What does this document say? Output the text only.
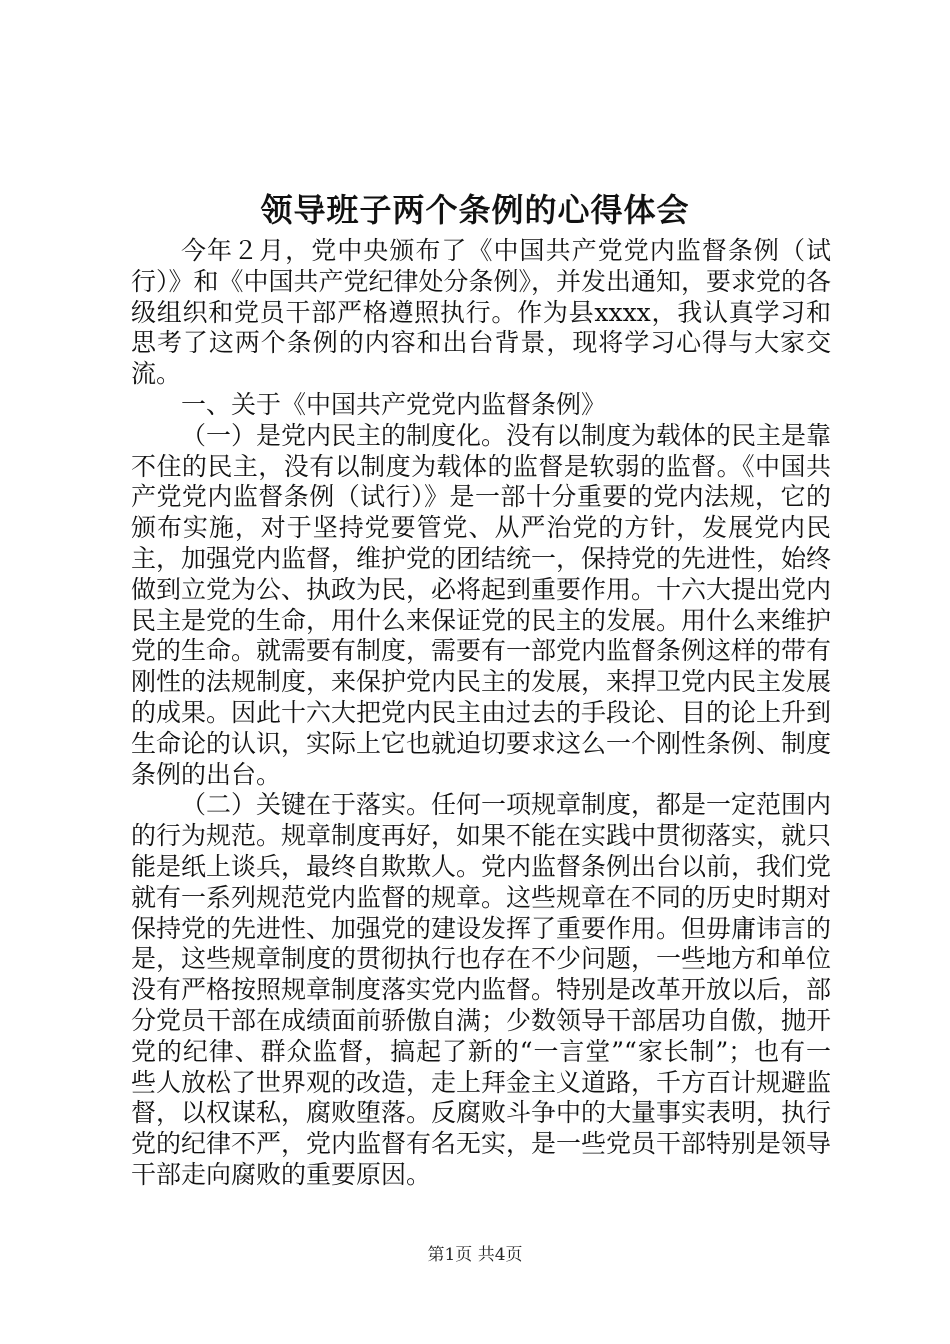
领导班子两个条例的心得体会

今年２月，党中央颁布了《中国共产党党内监督条例（试行）》和《中国共产党纪律处分条例》，并发出通知，要求党的各级组织和党员干部严格遵照执行。作为县xxxx，我认真学习和思考了这两个条例的内容和出台背景，现将学习心得与大家交流。

一、关于《中国共产党党内监督条例》

（一）是党内民主的制度化。没有以制度为载体的民主是靠不住的民主，没有以制度为载体的监督是软弱的监督。《中国共产党党内监督条例（试行）》是一部十分重要的党内法规，它的颁布实施，对于坚持党要管党、从严治党的方针，发展党内民主，加强党内监督，维护党的团结统一，保持党的先进性，始终做到立党为公、执政为民，必将起到重要作用。十六大提出党内民主是党的生命，用什么来保证党的民主的发展。用什么来维护党的生命。就需要有制度，需要有一部党内监督条例这样的带有刚性的法规制度，来保护党内民主的发展，来捍卫党内民主发展的成果。因此十六大把党内民主由过去的手段论、目的论上升到生命论的认识，实际上它也就迫切要求这么一个刚性条例、制度条例的出台。

（二）关键在于落实。任何一项规章制度，都是一定范围内的行为规范。规章制度再好，如果不能在实践中贯彻落实，就只能是纸上谈兵，最终自欺欺人。党内监督条例出台以前，我们党就有一系列规范党内监督的规章。这些规章在不同的历史时期对保持党的先进性、加强党的建设发挥了重要作用。但毋庸讳言的是，这些规章制度的贯彻执行也存在不少问题，一些地方和单位没有严格按照规章制度落实党内监督。特别是改革开放以后，部分党员干部在成绩面前骄傲自满；少数领导干部居功自傲，抛开党的纪律、群众监督，搞起了新的“一言堂”“家长制”；也有一些人放松了世界观的改造，走上拜金主义道路，千方百计规避监督，以权谋私，腐败堕落。反腐败斗争中的大量事实表明，执行党的纪律不严，党内监督有名无实，是一些党员干部特别是领导干部走向腐败的重要原因。

第1页 共4页
